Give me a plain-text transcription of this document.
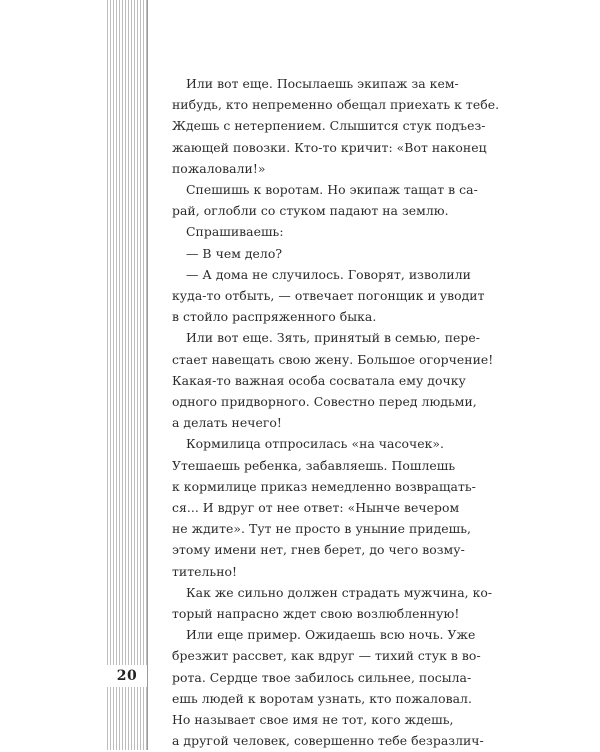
20
Или вот еще. Посылаешь экипаж за кем-
нибудь, кто непременно обещал приехать к тебе.
Ждешь с нетерпением. Слышится стук подъез-
жающей повозки. Кто-то кричит: «Вот наконец
пожаловали!»
Спешишь к воротам. Но экипаж тащат в са-
рай, оглобли со стуком падают на землю.
Спрашиваешь:
— В чем дело?
— А дома не случилось. Говорят, изволили
куда-то отбыть, — отвечает погонщик и уводит
в стойло распряженного быка.
Или вот еще. Зять, принятый в семью, пере-
стает навещать свою жену. Большое огорчение!
Какая-то важная особа сосватала ему дочку
одного придворного. Совестно перед людьми,
а делать нечего!
Кормилица отпросилась «на часочек».
Утешаешь ребенка, забавляешь. Пошлешь
к кормилице приказ немедленно возвращать-
ся... И вдруг от нее ответ: «Нынче вечером
не ждите». Тут не просто в уныние придешь,
этому имени нет, гнев берет, до чего возму-
тительно!
Как же сильно должен страдать мужчина, ко-
торый напрасно ждет свою возлюбленную!
Или еще пример. Ожидаешь всю ночь. Уже
брезжит рассвет, как вдруг — тихий стук в во-
рота. Сердце твое забилось сильнее, посыла-
ешь людей к воротам узнать, кто пожаловал.
Но называет свое имя не тот, кого ждешь,
а другой человек, совершенно тебе безразлич-
